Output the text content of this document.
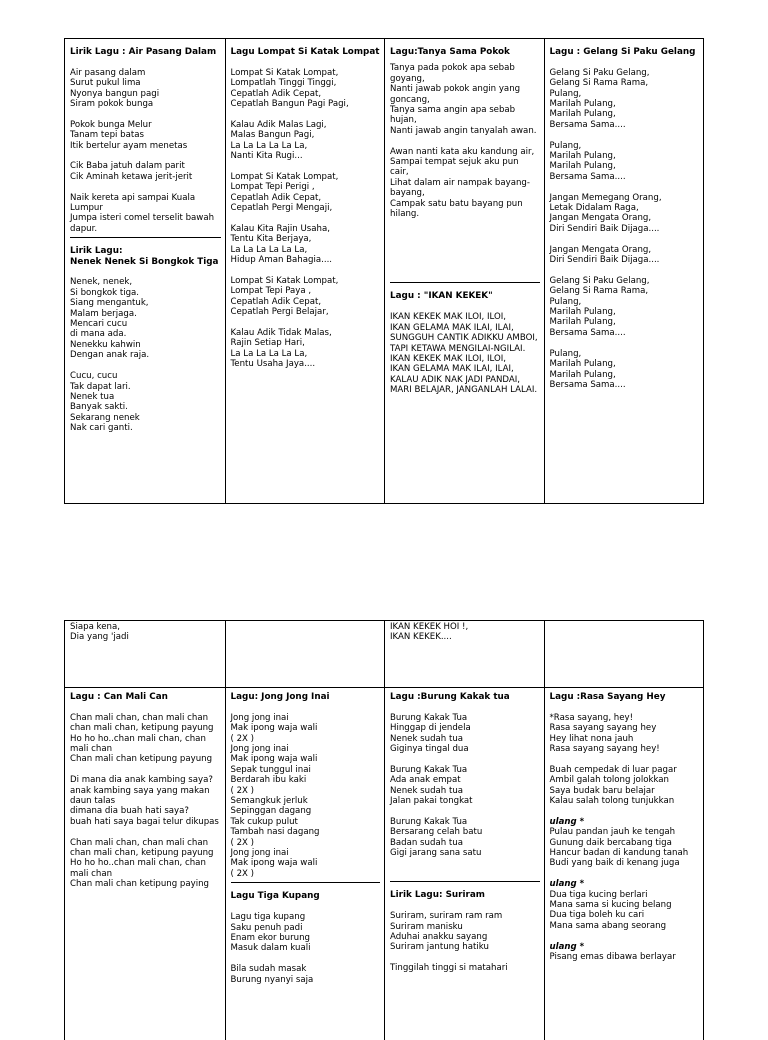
Lirik Lagu : Air Pasang Dalam
Air pasang dalam
Surut pukul lima
Nyonya bangun pagi
Siram pokok bunga
Pokok bunga Melur
Tanam tepi batas
Itik bertelur ayam menetas
Cik Baba jatuh dalam parit
Cik Aminah ketawa jerit-jerit
Naik kereta api sampai Kuala Lumpur
Jumpa isteri comel terselit bawah dapur.
Lirik Lagu:
Nenek Nenek Si Bongkok Tiga
Nenek, nenek,
Si bongkok tiga.
Siang mengantuk,
Malam berjaga.
Mencari cucu
di mana ada.
Nenekku kahwin
Dengan anak raja.
Cucu, cucu
Tak dapat lari.
Nenek tua
Banyak sakti.
Sekarang nenek
Nak cari ganti.
Lagu Lompat Si Katak Lompat
Lompat Si Katak Lompat,
Lompatlah Tinggi Tinggi,
Cepatlah Adik Cepat,
Cepatlah Bangun Pagi Pagi,
Kalau Adik Malas Lagi,
Malas Bangun Pagi,
La La La La La La,
Nanti Kita Rugi...
Lompat Si Katak Lompat,
Lompat Tepi Perigi ,
Cepatlah Adik Cepat,
Cepatlah Pergi Mengaji,
Kalau Kita Rajin Usaha,
Tentu Kita Berjaya,
La La La La La La,
Hidup Aman Bahagia....
Lompat Si Katak Lompat,
Lompat Tepi Paya ,
Cepatlah Adik Cepat,
Cepatlah Pergi Belajar,
Kalau Adik Tidak Malas,
Rajin Setiap Hari,
La La La La La La,
Tentu Usaha Jaya....
Lagu:Tanya Sama Pokok
Tanya pada pokok apa sebab goyang,
Nanti jawab pokok angin yang goncang,
Tanya sama angin apa sebab hujan,
Nanti jawab angin tanyalah awan.
Awan nanti kata aku kandung air,
Sampai tempat sejuk aku pun cair,
Lihat dalam air nampak bayang-bayang,
Campak satu batu bayang pun hilang.
Lagu : "IKAN KEKEK"
IKAN KEKEK MAK ILOI, ILOI,
IKAN GELAMA MAK ILAI, ILAI,
SUNGGUH CANTIK ADIKKU AMBOI,
TAPI KETAWA MENGILAI-NGILAI.
IKAN KEKEK MAK ILOI, ILOI,
IKAN GELAMA MAK ILAI, ILAI,
KALAU ADIK NAK JADI PANDAI,
MARI BELAJAR, JANGANLAH LALAI.
Lagu : Gelang Si Paku Gelang
Gelang Si Paku Gelang,
Gelang Si Rama Rama,
Pulang,
Marilah Pulang,
Marilah Pulang,
Bersama Sama....
Pulang,
Marilah Pulang,
Marilah Pulang,
Bersama Sama....
Jangan Memegang Orang,
Letak Didalam Raga,
Jangan Mengata Orang,
Diri Sendiri Baik Dijaga....
Jangan Mengata Orang,
Diri Sendiri Baik Dijaga....
Gelang Si Paku Gelang,
Gelang Si Rama Rama,
Pulang,
Marilah Pulang,
Marilah Pulang,
Bersama Sama....
Pulang,
Marilah Pulang,
Marilah Pulang,
Bersama Sama....
Siapa kena,
Dia yang 'jadi
IKAN KEKEK HOI !,
IKAN KEKEK....
Lagu : Can Mali Can
Chan mali chan, chan mali chan
chan mali chan, ketipung payung
Ho ho ho..chan mali chan, chan mali chan
Chan mali chan ketipung payung
Di mana dia anak kambing saya?
anak kambing saya yang makan daun talas
dimana dia buah hati saya?
buah hati saya bagai telur dikupas
Chan mali chan, chan mali chan
chan mali chan, ketipung payung
Ho ho ho..chan mali chan, chan mali chan
Chan mali chan ketipung paying
Lagu: Jong Jong Inai
Jong jong inai
Mak ipong waja wali
( 2X )
Jong jong inai
Mak ipong waja wali
Sepak tunggul inai
Berdarah ibu kaki
( 2X )
Semangkuk jerluk
Sepinggan dagang
Tak cukup pulut
Tambah nasi dagang
( 2X )
Jong jong inai
Mak ipong waja wali
( 2X )
Lagu Tiga Kupang
Lagu tiga kupang
Saku penuh padi
Enam ekor burung
Masuk dalam kuali
Bila sudah masak
Burung nyanyi saja
Lagu :Burung Kakak tua
Burung Kakak Tua
Hinggap di jendela
Nenek sudah tua
Giginya tingal dua
Burung Kakak Tua
Ada anak empat
Nenek sudah tua
Jalan pakai tongkat
Burung Kakak Tua
Bersarang celah batu
Badan sudah tua
Gigi jarang sana satu
Lirik Lagu: Suriram
Suriram, suriram ram ram
Suriram manisku
Aduhai anakku sayang
Suriram jantung hatiku
Tinggilah tinggi si matahari
Lagu :Rasa Sayang Hey
*Rasa sayang, hey!
Rasa sayang sayang hey
Hey lihat nona jauh
Rasa sayang sayang hey!
Buah cempedak di luar pagar
Ambil galah tolong jolokkan
Saya budak baru belajar
Kalau salah tolong tunjukkan
ulang *
Pulau pandan jauh ke tengah
Gunung daik bercabang tiga
Hancur badan di kandung tanah
Budi yang baik di kenang juga
ulang *
Dua tiga kucing berlari
Mana sama si kucing belang
Dua tiga boleh ku cari
Mana sama abang seorang
ulang *
Pisang emas dibawa berlayar
